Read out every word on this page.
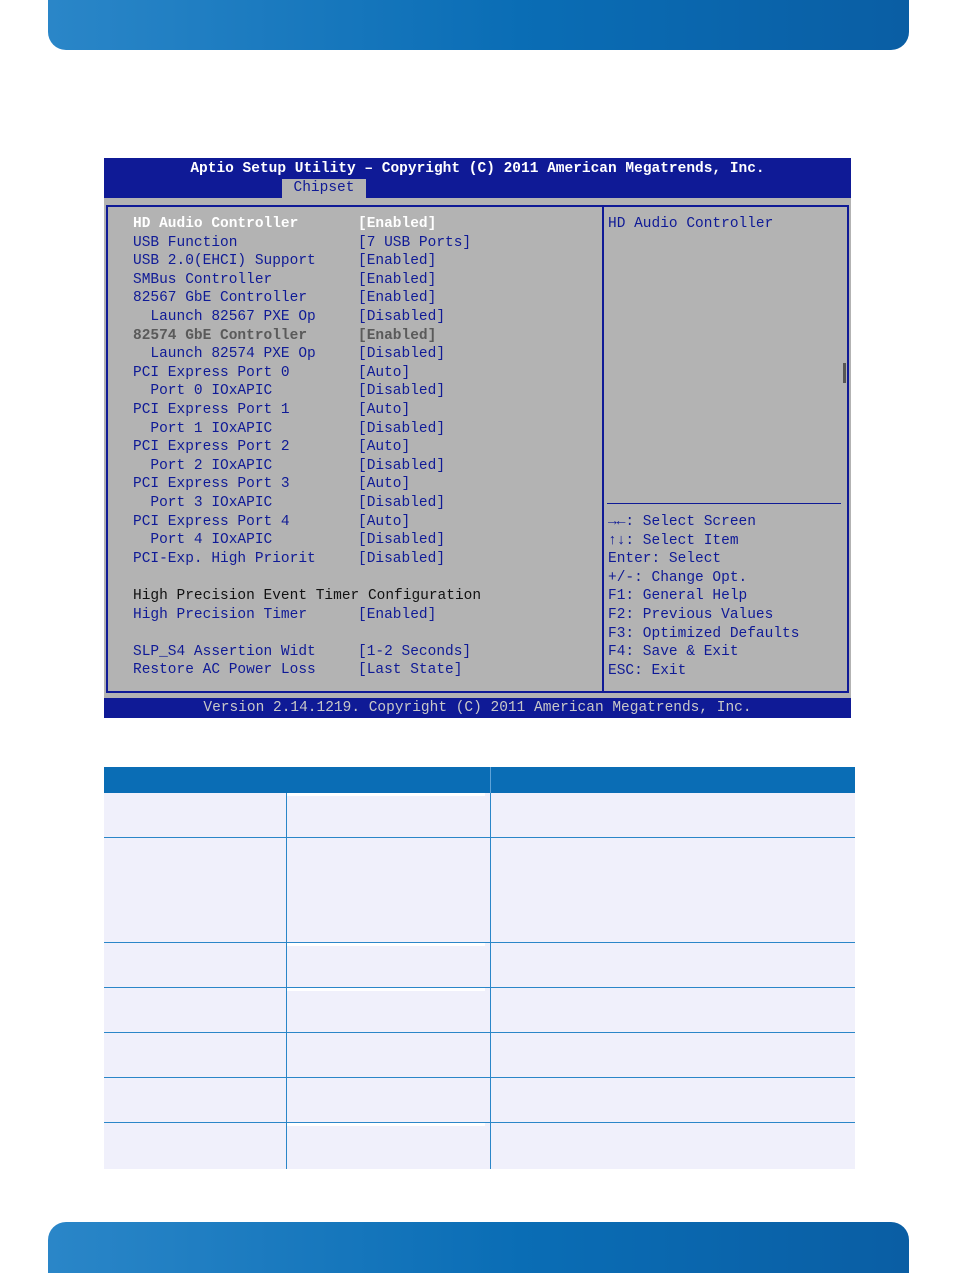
Aptio Setup Utility – Copyright (C) 2011 American Megatrends, Inc.
Chipset
HD Audio Controller	[Enabled]
USB Function	[7 USB Ports]
USB 2.0(EHCI) Support	[Enabled]
SMBus Controller	[Enabled]
82567 GbE Controller	[Enabled]
Launch 82567 PXE Op	[Disabled]
82574 GbE Controller	[Enabled]
Launch 82574 PXE Op	[Disabled]
PCI Express Port 0	[Auto]
Port 0 IOxAPIC	[Disabled]
PCI Express Port 1	[Auto]
Port 1 IOxAPIC	[Disabled]
PCI Express Port 2	[Auto]
Port 2 IOxAPIC	[Disabled]
PCI Express Port 3	[Auto]
Port 3 IOxAPIC	[Disabled]
PCI Express Port 4	[Auto]
Port 4 IOxAPIC	[Disabled]
PCI-Exp. High Priorit	[Disabled]
High Precision Event Timer Configuration
High Precision Timer	[Enabled]
SLP_S4 Assertion Widt	[1-2 Seconds]
Restore AC Power Loss	[Last State]
HD Audio Controller
→←: Select Screen
↑↓: Select Item
Enter: Select
+/-: Change Opt.
F1: General Help
F2: Previous Values
F3: Optimized Defaults
F4: Save & Exit
ESC: Exit
Version 2.14.1219. Copyright (C) 2011 American Megatrends, Inc.
